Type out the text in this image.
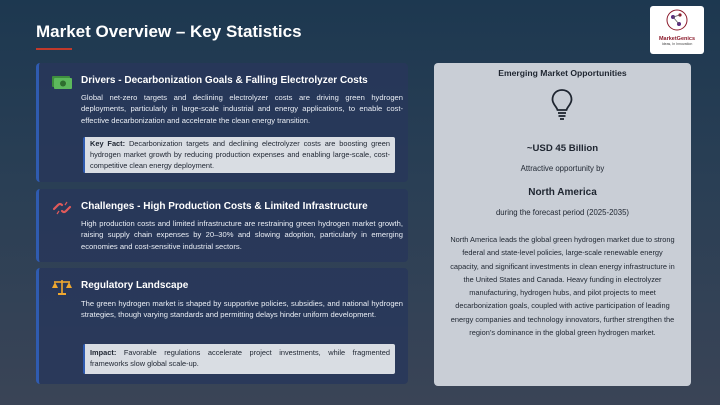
Market Overview – Key Statistics	MarketGenics
Ideas, In Innovation
Drivers - Decarbonization Goals & Falling Electrolyzer Costs
Global net-zero targets and declining electrolyzer costs are driving green hydrogen deployments, particularly in large-scale industrial and energy applications, to enable cost-effective decarbonization and accelerate the clean energy transition.
Key Fact: Decarbonization targets and declining electrolyzer costs are boosting green hydrogen market growth by reducing production expenses and enabling large-scale, cost-competitive clean energy deployment.
Challenges - High Production Costs & Limited Infrastructure
High production costs and limited infrastructure are restraining green hydrogen market growth, raising supply chain expenses by 20–30% and slowing adoption, particularly in emerging economies and cost-sensitive industrial sectors.
Regulatory Landscape
The green hydrogen market is shaped by supportive policies, subsidies, and national hydrogen strategies, though varying standards and permitting delays hinder uniform development.
Impact: Favorable regulations accelerate project investments, while fragmented frameworks slow global scale-up.
Emerging Market Opportunities
~USD 45 Billion
Attractive opportunity by
North America
during the forecast period (2025-2035)
North America leads the global green hydrogen market due to strong federal and state-level policies, large-scale renewable energy capacity, and significant investments in clean energy infrastructure in the United States and Canada. Heavy funding in electrolyzer manufacturing, hydrogen hubs, and pilot projects to meet decarbonization goals, coupled with active participation of leading energy companies and technology innovators, further strengthen the region’s dominance in the global green hydrogen market.
